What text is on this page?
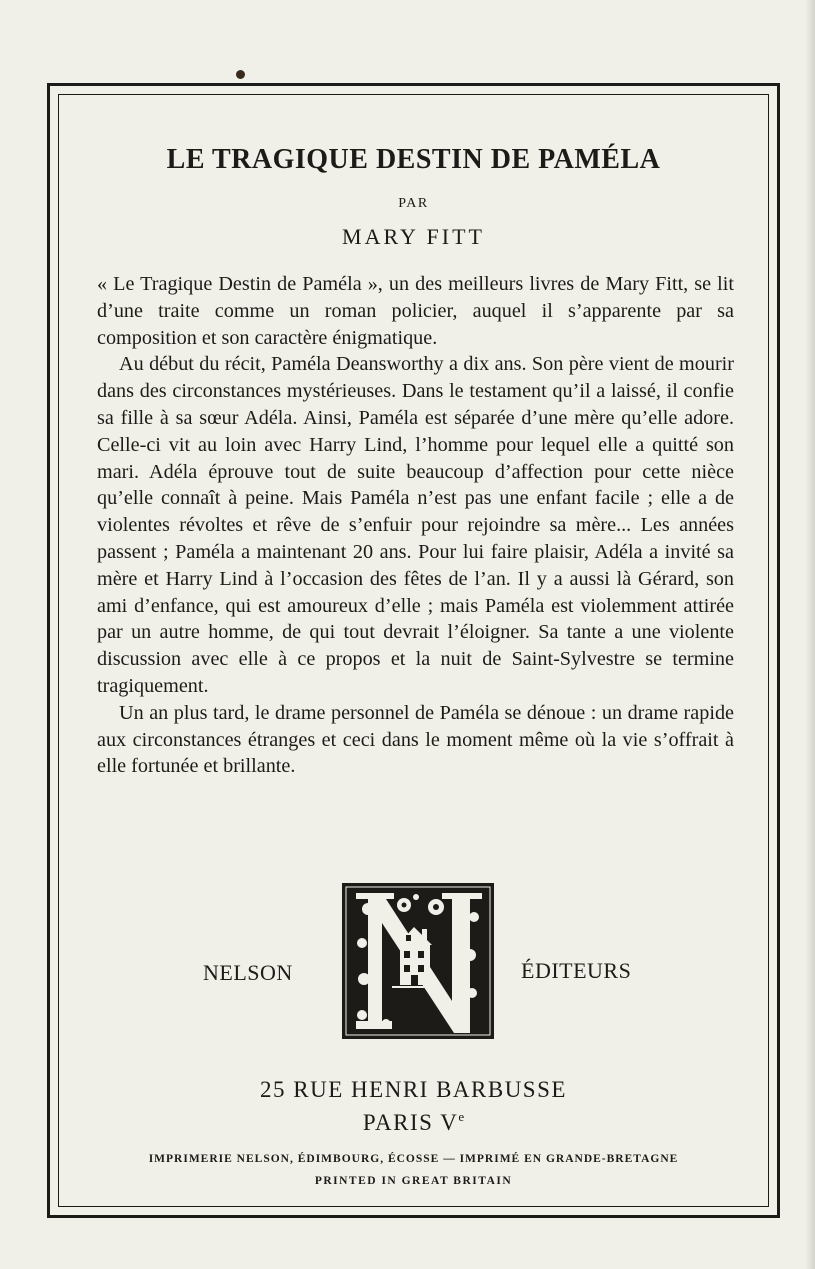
LE TRAGIQUE DESTIN DE PAMÉLA
PAR
MARY FITT

« Le Tragique Destin de Paméla », un des meilleurs livres de Mary Fitt, se lit d’une traite comme un roman policier, auquel il s’apparente par sa composition et son caractère énigmatique.

Au début du récit, Paméla Deansworthy a dix ans. Son père vient de mourir dans des circonstances mystérieuses. Dans le testament qu’il a laissé, il confie sa fille à sa sœur Adéla. Ainsi, Paméla est séparée d’une mère qu’elle adore. Celle-ci vit au loin avec Harry Lind, l’homme pour lequel elle a quitté son mari. Adéla éprouve tout de suite beaucoup d’affection pour cette nièce qu’elle connaît à peine. Mais Paméla n’est pas une enfant facile ; elle a de violentes révoltes et rêve de s’enfuir pour rejoindre sa mère... Les années passent ; Paméla a maintenant 20 ans. Pour lui faire plaisir, Adéla a invité sa mère et Harry Lind à l’occasion des fêtes de l’an. Il y a aussi là Gérard, son ami d’enfance, qui est amoureux d’elle ; mais Paméla est violemment attirée par un autre homme, de qui tout devrait l’éloigner. Sa tante a une violente discussion avec elle à ce propos et la nuit de Saint-Sylvestre se termine tragiquement.

Un an plus tard, le drame personnel de Paméla se dénoue : un drame rapide aux circonstances étranges et ceci dans le moment même où la vie s’offrait à elle fortunée et brillante.

NELSON	ÉDITEURS
25 RUE HENRI BARBUSSE
PARIS Ve
IMPRIMERIE NELSON, ÉDIMBOURG, ÉCOSSE — IMPRIMÉ EN GRANDE-BRETAGNE
PRINTED IN GREAT BRITAIN
